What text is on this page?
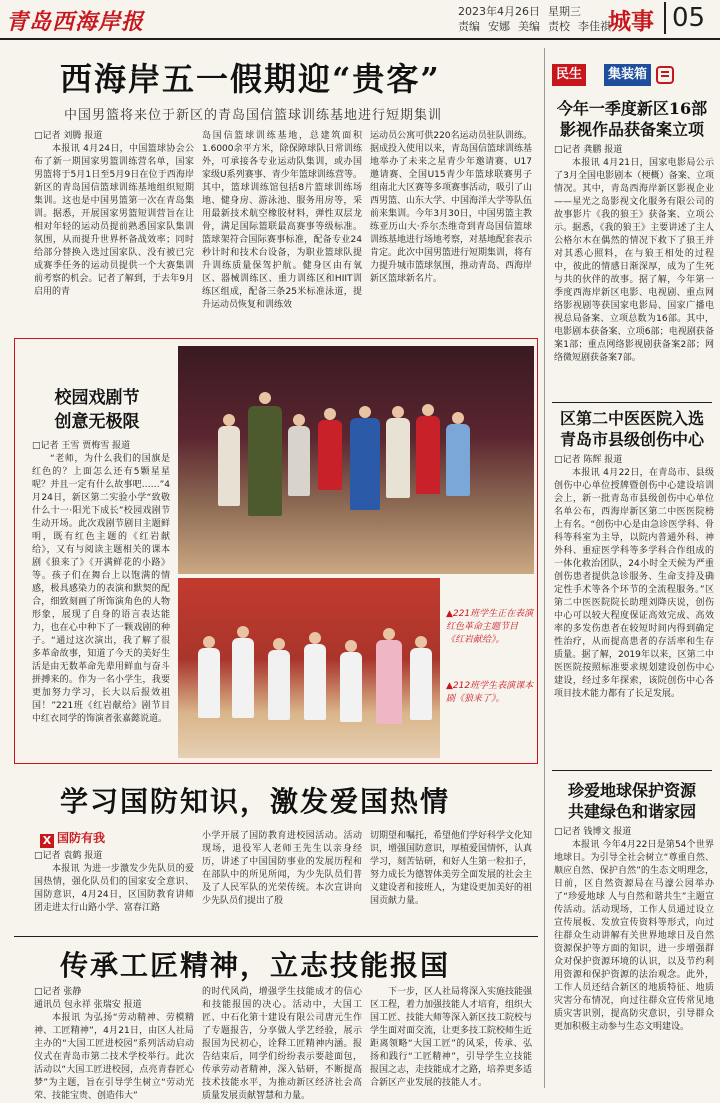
青岛西海岸报	2023年4月26日 星期三
责编 安娜 美编 责校 李佳祺
城事 05
西海岸五一假期迎“贵客”
中国男篮将来位于新区的青岛国信篮球训练基地进行短期集训
□记者 刘腾 报道

本报讯 4月24日，中国篮球协会公布了新一期国家男篮训练营名单，国家男篮将于5月1日至5月9日在位于西海岸新区的青岛国信篮球训练基地组织短期集训。这也是中国男篮第一次在青岛集训。据悉，开展国家男篮短训营旨在让相对年轻的运动员提前熟悉国家队集训氛围，从而提升世界杯备战效率；同时给部分替换入选过国家队、没有被已完成赛季任务的运动员提供一个大赛集训前考察的机会。记者了解到，于去年9月启用的青

岛国信篮球训练基地，总建筑面积1.6000余平方米，除保障球队日常训练外，可承接各专业运动队集训，或办国家级U系列赛事、青少年篮球训练营等。其中，篮球训练馆包括8片篮球训练场地、健身房、游泳池、服务用房等，采用最新技术航空橡胶材料，弹性双层龙骨，满足国际篮联最高赛事等级标准。篮球架符合国际赛事标准，配备专业24秒计时和技术台设备，为职业篮球队提升训练质量保驾护航。健身区由有氧区、器械训练区、重力训练区和HIIT训练区组成，配备三条25米标准泳道，提升运动员恢复和训练效

运动员公寓可供220名运动员驻队训练。据成投入使用以来，青岛国信篮球训练基地举办了未来之星青少年邀请赛、U17邀请赛、全国U15青少年篮球联赛男子组南北大区赛等多项赛事活动，吸引了山西男篮、山东大学、中国海洋大学等队伍前来集训。今年3月30日，中国男篮主教练亚历山大·乔尔杰维奇到青岛国信篮球训练基地进行场地考察，对基地配套表示肯定。此次中国男篮进行短期集训，将有力提升城市篮球氛围，推动青岛、西海岸新区篮球新名片。

校园戏剧节
创意无极限
□记者 王雪 贾梅雪 报道

“老师，为什么我们的国旗是红色的？上面怎么还有5颗星星呢？并且一定有什么故事吧……”4月24日，新区第二实验小学“致敬什么十一·阳光下成长”校园戏剧节生动开场。此次戏剧节剧目主题鲜明，既有红色主题的《红岩献给》，又有与阅读主题相关的课本剧《狼来了》《开满鲜花的小路》等。孩子们在舞台上以饱满的情感，极具感染力的表演和默契的配合，细致刻画了所饰演角色的人物形象，展现了自身的语言表达能力，也在心中种下了一颗戏剧的种子。“通过这次演出，我了解了很多革命故事，知道了今天的美好生活是由无数革命先辈用鲜血与奋斗拼搏来的。作为一名小学生，我要更加努力学习，长大以后报效祖国！”221班《红岩献给》剧节目中红衣同学的饰演者张嘉懿说道。

▲221班学生正在表演红色革命主题节目《红岩献给》。
▲212班学生表演课本剧《狼来了》。
学习国防知识，激发爱国热情
X 国防有我
□记者 袁鹤 报道

本报讯 为进一步激发少先队员的爱国热情，强化队员们的国家安全意识、国防意识，4月24日，区国防教育讲师团走进太行山路小学、富春江路

小学开展了国防教育进校园活动。活动现场，退役军人老师王先生以亲身经历，讲述了中国国防事业的发展历程和在部队中的所见所闻，为少先队员们普及了人民军队的光荣传统。本次宣讲向少先队员们提出了殷

切期望和嘱托，希望他们学好科学文化知识，增强国防意识，厚植爱国情怀，认真学习，刻苦钻研，和好人生第一粒扣子，努力成长为德智体美劳全面发展的社会主义建设者和接班人，为建设更加美好的祖国贡献力量。

传承工匠精神，立志技能报国
□记者 张静
通讯员 包永祥 张瑞安 报道

本报讯 为弘扬“劳动精神、劳模精神、工匠精神”，4月21日，由区人社局主办的“大国工匠进校园”系列活动启动仪式在青岛市第二技术学校举行。此次活动以“大国工匠进校园，点亮青春匠心梦”为主题，旨在引导学生树立“劳动光荣、技能宝贵、创造伟大”

的时代风尚，增强学生技能成才的信心和技能报国的决心。活动中，大国工匠、中石化第十建设有限公司唐元生作了专题报告，分享做人学艺经验，展示报国为民初心，诠释工匠精神内涵。报告结束后，同学们纷纷表示要趁面包，传承劳动者精神，深入钻研，不断提高技术技能水平，为推动新区经济社会高质量发展贡献智慧和力量。

下一步，区人社局将深入实施技能强区工程，着力加强技能人才培育，组织大国工匠、技能大师等深入新区技工院校与学生面对面交流，让更多技工院校师生近距离领略“大国工匠”的风采，传承、弘扬和践行“工匠精神”，引导学生立技能报国之志，走技能成才之路，培养更多适合新区产业发展的技能人才。

民生	集装箱
今年一季度新区16部
影视作品获备案立项
□记者 龚鹏 报道

本报讯 4月21日，国家电影局公示了3月全国电影剧本（梗概）备案、立项情况。其中，青岛西海岸新区影视企业——星光之岛影视文化服务有限公司的故事影片《我的狼王》获备案、立项公示。据悉，《我的狼王》主要讲述了主人公格尔木在偶然的情况下救下了狼王并对其悉心照料，在与狼王相处的过程中，彼此的情感日渐深厚，成为了生死与共的伙伴的故事。据了解，今年第一季度西海岸新区电影、电视剧、重点网络影视剧等获国家电影局、国家广播电视总局备案、立项总数为16部。其中，电影剧本获备案、立项6部；电视剧获备案1部；重点网络影视剧获备案2部；网络微短剧获备案7部。

区第二中医医院入选
青岛市县级创伤中心
□记者 陈辉 报道

本报讯 4月22日，在青岛市、县级创伤中心单位授牌暨创伤中心建设培训会上，新一批青岛市县级创伤中心单位名单公布，西海岸新区第二中医医院榜上有名。“创伤中心是由急诊医学科、骨科等科室为主导，以院内普通外科、神外科、重症医学科等多学科合作组成的一体化救治团队，24小时全天候为严重创伤患者提供急诊服务、生命支持及确定性手术等各个环节的全流程服务。”区第二中医医院院长助理刘降庆说，创伤中心可以较大程度保证高效完成、高效率的多发伤患者在较短时间内得到确定性治疗，从而提高患者的存活率和生存质量。据了解，2019年以来，区第二中医医院按照标准要求规划建设创伤中心建设，经过多年探索，该院创伤中心各项目技术能力都有了长足发展。

珍爱地球保护资源
共建绿色和谐家园
□记者 钱博文 报道

本报讯 今年4月22日是第54个世界地球日。为引导全社会树立“尊重自然、顺应自然、保护自然”的生态文明理念，日前，区自然资源局在马濠公园举办了“珍爱地球 人与自然和谐共生”主题宣传活动。活动现场，工作人员通过设立宣传展板、发放宣传资料等形式，向过往群众生动讲解有关世界地球日及自然资源保护等方面的知识，进一步增强群众对保护资源环境的认识，以及节约利用资源和保护资源的法治观念。此外，工作人员还结合新区的地质特征、地质灾害分布情况，向过往群众宣传常见地质灾害识别，提高防灾意识，引导群众更加积极主动参与生态文明建设。
